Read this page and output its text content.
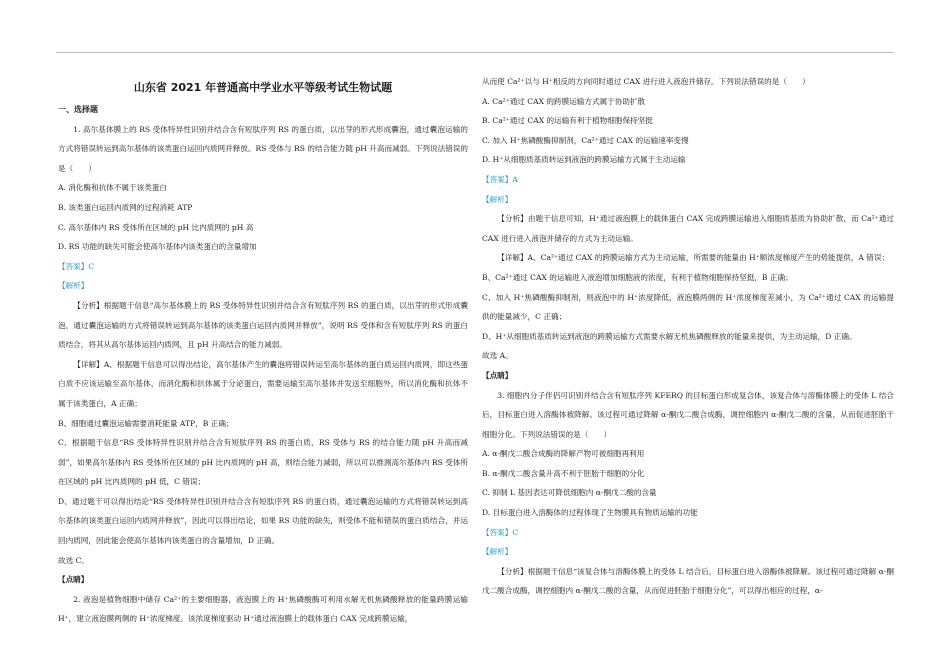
山东省 2021 年普通高中学业水平等级考试生物试题
一、选择题
1. 高尔基体膜上的 RS 受体特异性识别并结合含有短肽序列 RS 的蛋白质，以出芽的形式形成囊泡，通过囊泡运输的方式将错误转运到高尔基体的该类蛋白运回内质网并释放。RS 受体与 RS 的结合能力随 pH 升高而减弱。下列说法错误的是（　　）
A. 消化酶和抗体不属于该类蛋白
B. 该类蛋白运回内质网的过程消耗 ATP
C. 高尔基体内 RS 受体所在区域的 pH 比内质网的 pH 高
D. RS 功能的缺失可能会使高尔基体内该类蛋白的含量增加
【答案】C
【解析】
【分析】根据题干信息“高尔基体膜上的 RS 受体特异性识别并结合含有短肽序列 RS 的蛋白质，以出芽的形式形成囊泡，通过囊泡运输的方式将错误转运到高尔基体的该类蛋白运回内质网并释放”，说明 RS 受体和含有短肽序列 RS 的蛋白质结合，将其从高尔基体运回内质网，且 pH 升高结合的能力减弱。
【详解】A、根据题干信息可以得出结论，高尔基体产生的囊泡将错误转运至高尔基体的蛋白质运回内质网，即这些蛋白质不应该运输至高尔基体，而消化酶和抗体属于分泌蛋白，需要运输至高尔基体并发送至细胞外，所以消化酶和抗体不属于该类蛋白，A 正确；
B、细胞通过囊泡运输需要消耗能量 ATP，B 正确；
C、根据题干信息“RS 受体特异性识别并结合含有短肽序列 RS 的蛋白质，RS 受体与 RS 的结合能力随 pH 升高而减弱”，如果高尔基体内 RS 受体所在区域的 pH 比内质网的 pH 高，则结合能力减弱，所以可以推测高尔基体内 RS 受体所在区域的 pH 比内质网的 pH 低，C 错误；
D、通过题干可以得出结论“RS 受体特异性识别并结合含有短肽序列 RS 的蛋白质，通过囊泡运输的方式将错误转运到高尔基体的该类蛋白运回内质网并释放”，因此可以得出结论，如果 RS 功能的缺失，则受体不能和错误的蛋白质结合，并运回内质网，因此能会使高尔基体内该类蛋白的含量增加，D 正确。
故选 C。
【点睛】
2. 液泡是植物细胞中储存 Ca²⁺的主要细胞器，液泡膜上的 H⁺焦磷酸酶可利用水解无机焦磷酸释放的能量跨膜运输 H⁺，建立液泡膜两侧的 H⁺浓度梯度。该浓度梯度驱动 H⁺通过液泡膜上的载体蛋白 CAX 完成跨膜运输，
从而使 Ca²⁺以与 H⁺相反的方向同时通过 CAX 进行进入液泡并储存。下列说法错误的是（　　）
A. Ca²⁺通过 CAX 的跨膜运输方式属于协助扩散
B. Ca²⁺通过 CAX 的运输有利于植物细胞保持坚挺
C. 加入 H⁺焦磷酸酶抑制剂，Ca²⁺通过 CAX 的运输速率变慢
D. H⁺从细胞质基质转运到液泡的跨膜运输方式属于主动运输
【答案】A
【解析】
【分析】由题干信息可知，H⁺通过液泡膜上的载体蛋白 CAX 完成跨膜运输进入细胞质基质为协助扩散，而 Ca²⁺通过 CAX 进行进入液泡并储存的方式为主动运输。
【详解】A、Ca²⁺通过 CAX 的跨膜运输方式为主动运输，所需要的能量由 H⁺顺浓度梯度产生的势能提供，A 错误；
B、Ca²⁺通过 CAX 的运输进入液泡增加细胞液的浓度，有利于植物细胞保持坚挺，B 正确；
C、加入 H⁺焦磷酸酶抑制剂，则液泡中的 H⁺浓度降低，液泡膜两侧的 H⁺浓度梯度差减小，为 Ca²⁺通过 CAX 的运输提供的能量减少，C 正确；
D、H⁺从细胞质基质转运到液泡的跨膜运输方式需要水解无机焦磷酸释放的能量来提供，为主动运输，D 正确。
故选 A。
【点睛】
3. 细胞内分子伴侣可识别并结合含有短肽序列 KFERQ 的目标蛋白形成复合体，该复合体与溶酶体膜上的受体 L 结合后，目标蛋白进入溶酶体被降解。该过程可通过降解 α-酮戊二酸合成酶，调控细胞内 α-酮戊二酸的含量，从而促进胚胎干细胞分化。下列说法错误的是（　　）
A. α-酮戊二酸合成酶的降解产物可被细胞再利用
B. α-酮戊二酸含量升高不利于胚胎干细胞的分化
C. 抑制 L 基因表达可降低细胞内 α-酮戊二酸的含量
D. 目标蛋白进入溶酶体的过程体现了生物膜具有物质运输的功能
【答案】C
【解析】
【分析】根据题干信息“该复合体与溶酶体膜上的受体 L 结合后，目标蛋白进入溶酶体被降解。该过程可通过降解 α-酮戊二酸合成酶，调控细胞内 α-酮戊二酸的含量，从而促进胚胎干细胞分化”，可以得出相应的过程，α-
